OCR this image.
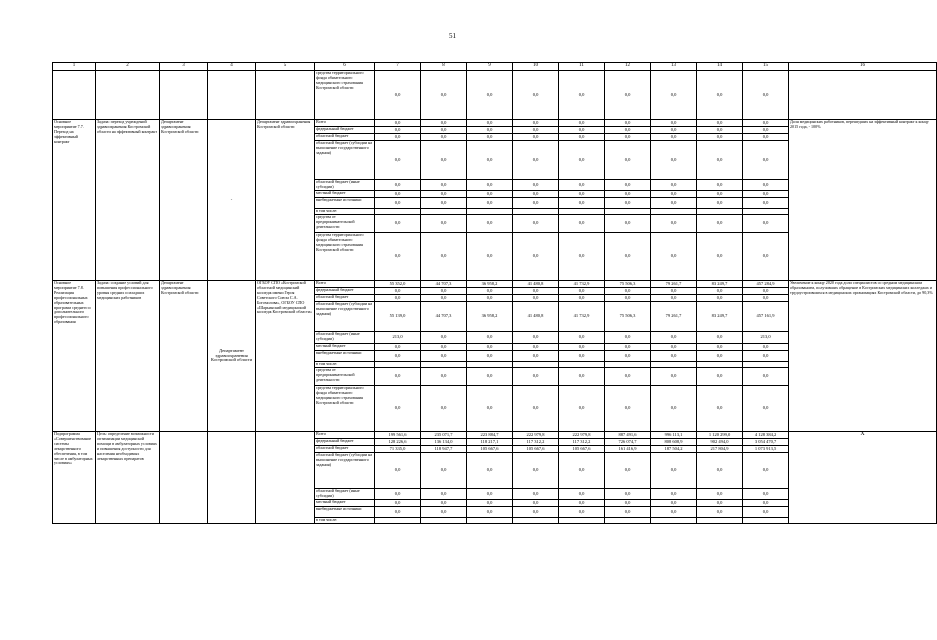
51
1	2	3	4	5	6	7	8	9	10	11	12	13	14	15	16
					средства территориального фонда обязательного медицинского страхования Костромской области	0,0	0,0	0,0	0,0	0,0	0,0	0,0	0,0	0,0	
Основное мероприятие 7.7. Переход на эффективный контракт	Задача: переход учреждений здравоохранения Костромской области на эффективный контракт	Департамент здравоохранения Костромской области	-	Департамент здравоохранения Костромской области	Всего	0,0	0,0	0,0	0,0	0,0	0,0	0,0	0,0	0,0	Доля медицинских работников, перешедших на эффективный контракт к концу 2015 года, - 100%
					федеральный бюджет	0,0	0,0	0,0	0,0	0,0	0,0	0,0	0,0	0,0	
					областной бюджет	0,0	0,0	0,0	0,0	0,0	0,0	0,0	0,0	0,0	
					областной бюджет (субсидии на выполнение государственного задания)	0,0	0,0	0,0	0,0	0,0	0,0	0,0	0,0	0,0	
					областной бюджет (иные субсидии)	0,0	0,0	0,0	0,0	0,0	0,0	0,0	0,0	0,0	
					местный бюджет	0,0	0,0	0,0	0,0	0,0	0,0	0,0	0,0	0,0	
					внебюджетные источники	0,0	0,0	0,0	0,0	0,0	0,0	0,0	0,0	0,0	
					в том числе:										
					средства от предпринимательской деятельности	0,0	0,0	0,0	0,0	0,0	0,0	0,0	0,0	0,0	
					средства территориального фонда обязательного медицинского страхования Костромской области	0,0	0,0	0,0	0,0	0,0	0,0	0,0	0,0	0,0	
Основное мероприятие 7.8. Реализация профессиональных образовательных программ среднего и дополнительного профессионального образования	Задача: создание условий для повышения профессионального уровня средних и младших медицинских работников	Департамент здравоохранения Костромской области	Департамент здравоохранения Костромской области	ОГБОУ СПО «Костромской областной медицинский колледж имени Героя Советского Союза С.А. Богомолова», ОГБОУ СПО «Шарьинский медицинский колледж Костромской области»	Всего	55 352,0	44 707,3	36 958,2	41 480,8	41 732,9	75 506,3	79 261,7	83 249,7	457 284,9	Увеличение к концу 2020 года доли специалистов со средним медицинским образованием, получивших обращение в Костромских медицинских колледжах и трудоустроившихся в медицинских организациях Костромской области, до 90,3%
					федеральный бюджет	0,0	0,0	0,0	0,0	0,0	0,0	0,0	0,0	0,0	
					областной бюджет	0,0	0,0	0,0	0,0	0,0	0,0	0,0	0,0	0,0	
					областной бюджет (субсидии на выполнение государственного задания)	55 139,0	44 707,3	36 958,2	41 480,8	41 732,9	75 506,3	79 261,7	83 249,7	457 161,9	
					областной бюджет (иные субсидии)	213,0	0,0	0,0	0,0	0,0	0,0	0,0	0,0	213,0	
					местный бюджет	0,0	0,0	0,0	0,0	0,0	0,0	0,0	0,0	0,0	
					внебюджетные источники	0,0	0,0	0,0	0,0	0,0	0,0	0,0	0,0	0,0	
					в том числе:										
					средства от предпринимательской деятельности	0,0	0,0	0,0	0,0	0,0	0,0	0,0	0,0	0,0	
					средства территориального фонда обязательного медицинского страхования Костромской области	0,0	0,0	0,0	0,0	0,0	0,0	0,0	0,0	0,0	
Подпрограмма «Совершенствование системы лекарственного обеспечения, в том числе в амбулаторных условиях»	Цель: определение возможности оптимизации медицинской помощи в амбулаторных условиях и повышения доступности для населения необходимых лекарственных препаратов				Всего	199 561,6	235 071,7	223 884,7	222 979,8	222 979,8	887 491,6	996 113,1	1 120 299,0	4 128 384,2	X
					федеральный бюджет	128 226,6	136 134,0	118 217,1	117 312,2	117 312,2	726 074,7	808 608,9	902 494,0	3 054 470,7	
					областной бюджет	71 335,0	118 947,7	105 667,6	105 667,6	105 667,6	161 416,9	187 504,2	217 804,9	1 073 913,5	
					областной бюджет (субсидии на выполнение государственного задания)	0,0	0,0	0,0	0,0	0,0	0,0	0,0	0,0	0,0	
					областной бюджет (иные субсидии)	0,0	0,0	0,0	0,0	0,0	0,0	0,0	0,0	0,0	
					местный бюджет	0,0	0,0	0,0	0,0	0,0	0,0	0,0	0,0	0,0	
					внебюджетные источники	0,0	0,0	0,0	0,0	0,0	0,0	0,0	0,0	0,0	
					в том числе:										
